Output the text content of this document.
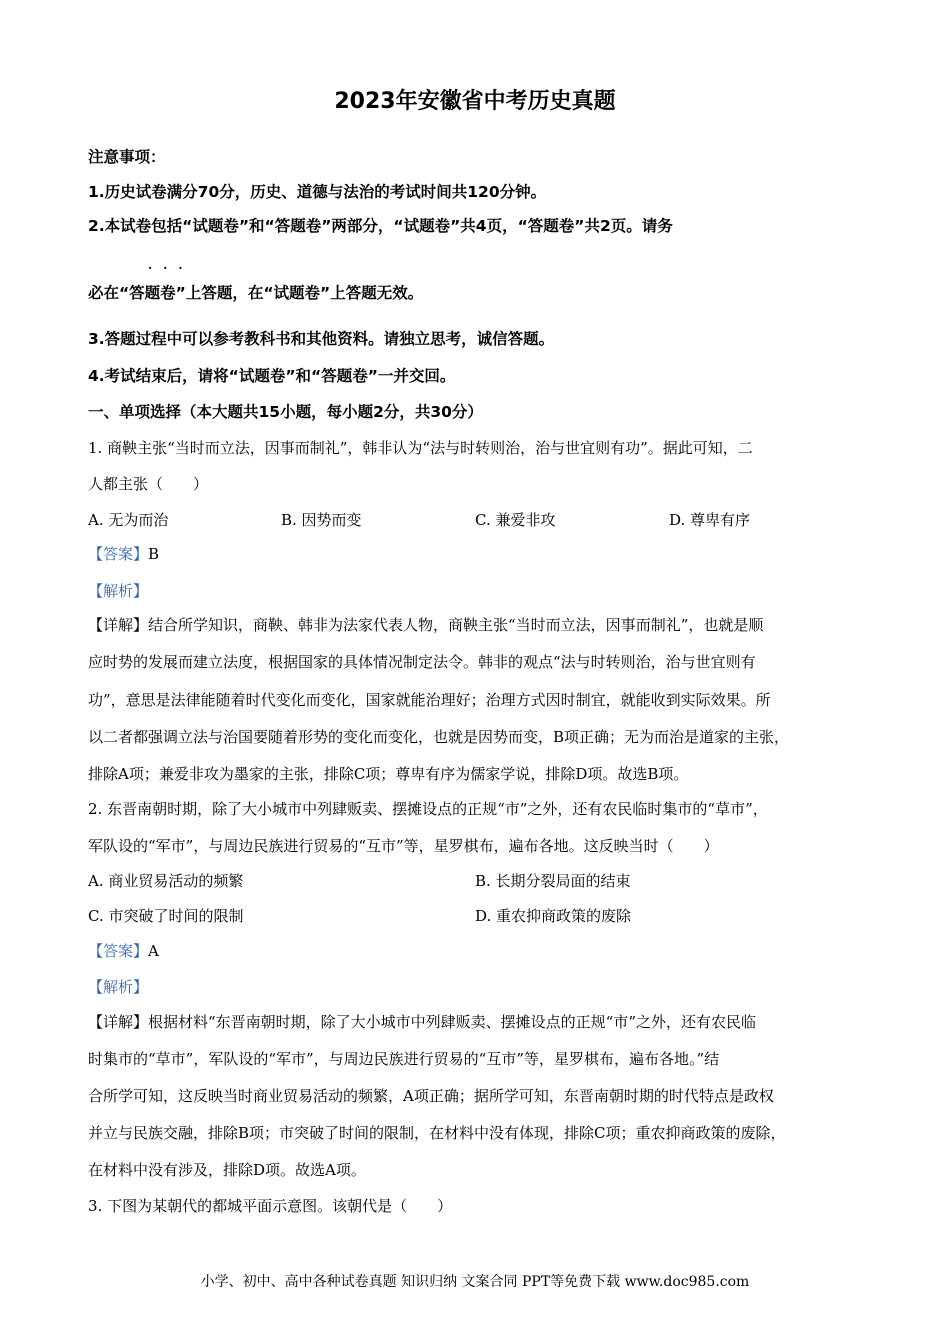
2023年安徽省中考历史真题
注意事项：
1.历史试卷满分70分，历史、道德与法治的考试时间共120分钟。
2.本试卷包括“试题卷”和“答题卷”两部分，“试题卷”共4页，“答题卷”共2页。请务
···
必在“答题卷”上答题，在“试题卷”上答题无效。
3.答题过程中可以参考教科书和其他资料。请独立思考，诚信答题。
4.考试结束后，请将“试题卷”和“答题卷”一并交回。
一、单项选择（本大题共15小题，每小题2分，共30分）
1. 商鞅主张“当时而立法，因事而制礼”，韩非认为“法与时转则治，治与世宜则有功”。据此可知，二
人都主张（　　）
A. 无为而治	B. 因势而变	C. 兼爱非攻	D. 尊卑有序
【答案】B
【解析】
【详解】结合所学知识，商鞅、韩非为法家代表人物，商鞅主张“当时而立法，因事而制礼”，也就是顺
应时势的发展而建立法度，根据国家的具体情况制定法令。韩非的观点“法与时转则治，治与世宜则有
功”，意思是法律能随着时代变化而变化，国家就能治理好；治理方式因时制宜，就能收到实际效果。所
以二者都强调立法与治国要随着形势的变化而变化，也就是因势而变，B项正确；无为而治是道家的主张，
排除A项；兼爱非攻为墨家的主张，排除C项；尊卑有序为儒家学说，排除D项。故选B项。
2. 东晋南朝时期，除了大小城市中列肆贩卖、摆摊设点的正规“市”之外，还有农民临时集市的“草市”，
军队设的“军市”，与周边民族进行贸易的“互市”等，星罗棋布，遍布各地。这反映当时（　　）
A. 商业贸易活动的频繁	B. 长期分裂局面的结束
C. 市突破了时间的限制	D. 重农抑商政策的废除
【答案】A
【解析】
【详解】根据材料“东晋南朝时期，除了大小城市中列肆贩卖、摆摊设点的正规“市”之外，还有农民临
时集市的“草市”，军队设的“军市”，与周边民族进行贸易的“互市”等，星罗棋布，遍布各地。”结
合所学可知，这反映当时商业贸易活动的频繁，A项正确；据所学可知，东晋南朝时期的时代特点是政权
并立与民族交融，排除B项；市突破了时间的限制，在材料中没有体现，排除C项；重农抑商政策的废除，
在材料中没有涉及，排除D项。故选A项。
3. 下图为某朝代的都城平面示意图。该朝代是（　　）
小学、初中、高中各种试卷真题 知识归纳 文案合同 PPT等免费下载 www.doc985.com
